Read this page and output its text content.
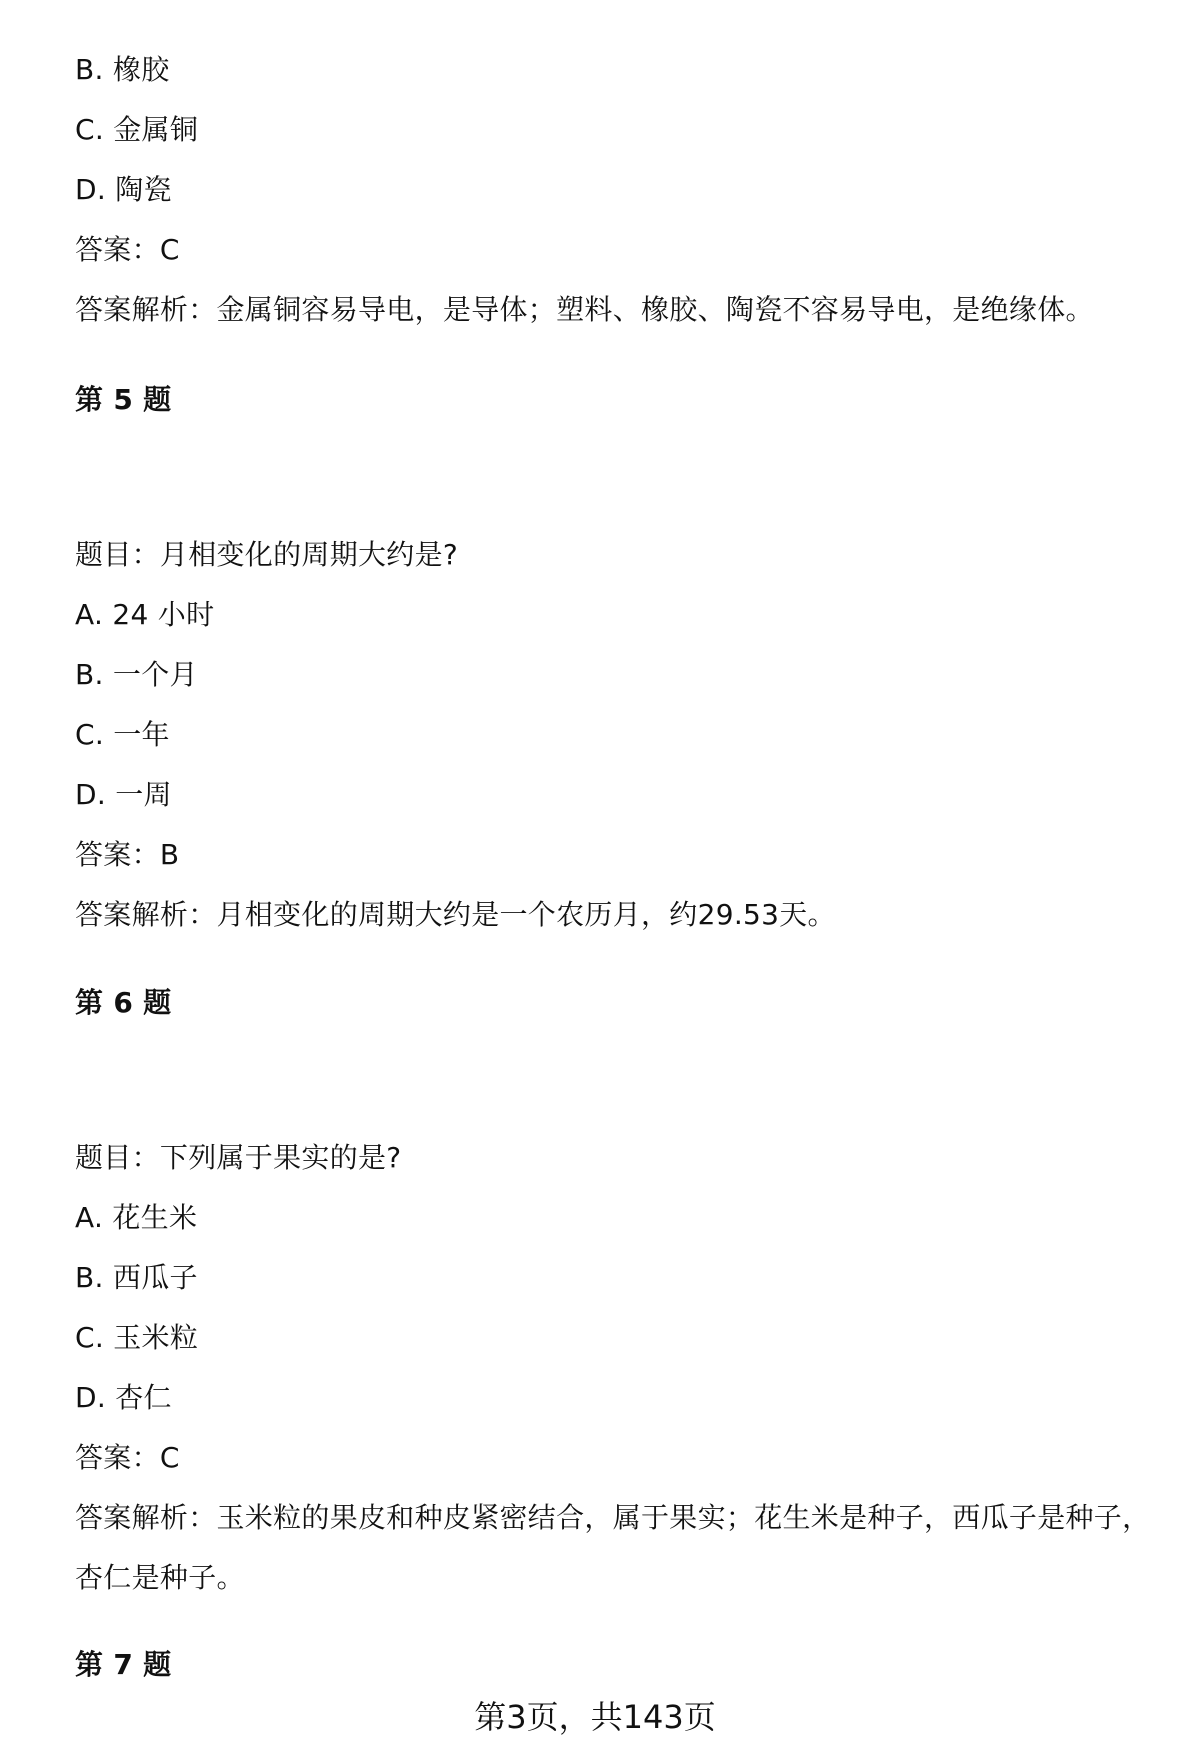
B. 橡胶
C. 金属铜
D. 陶瓷
答案：C
答案解析：金属铜容易导电，是导体；塑料、橡胶、陶瓷不容易导电，是绝缘体。
第 5 题
题目：月相变化的周期大约是?
A. 24 小时
B. 一个月
C. 一年
D. 一周
答案：B
答案解析：月相变化的周期大约是一个农历月，约29.53天。
第 6 题
题目：下列属于果实的是?
A. 花生米
B. 西瓜子
C. 玉米粒
D. 杏仁
答案：C
答案解析：玉米粒的果皮和种皮紧密结合，属于果实；花生米是种子，西瓜子是种子，杏仁是种子。
第 7 题
第3页，共143页
